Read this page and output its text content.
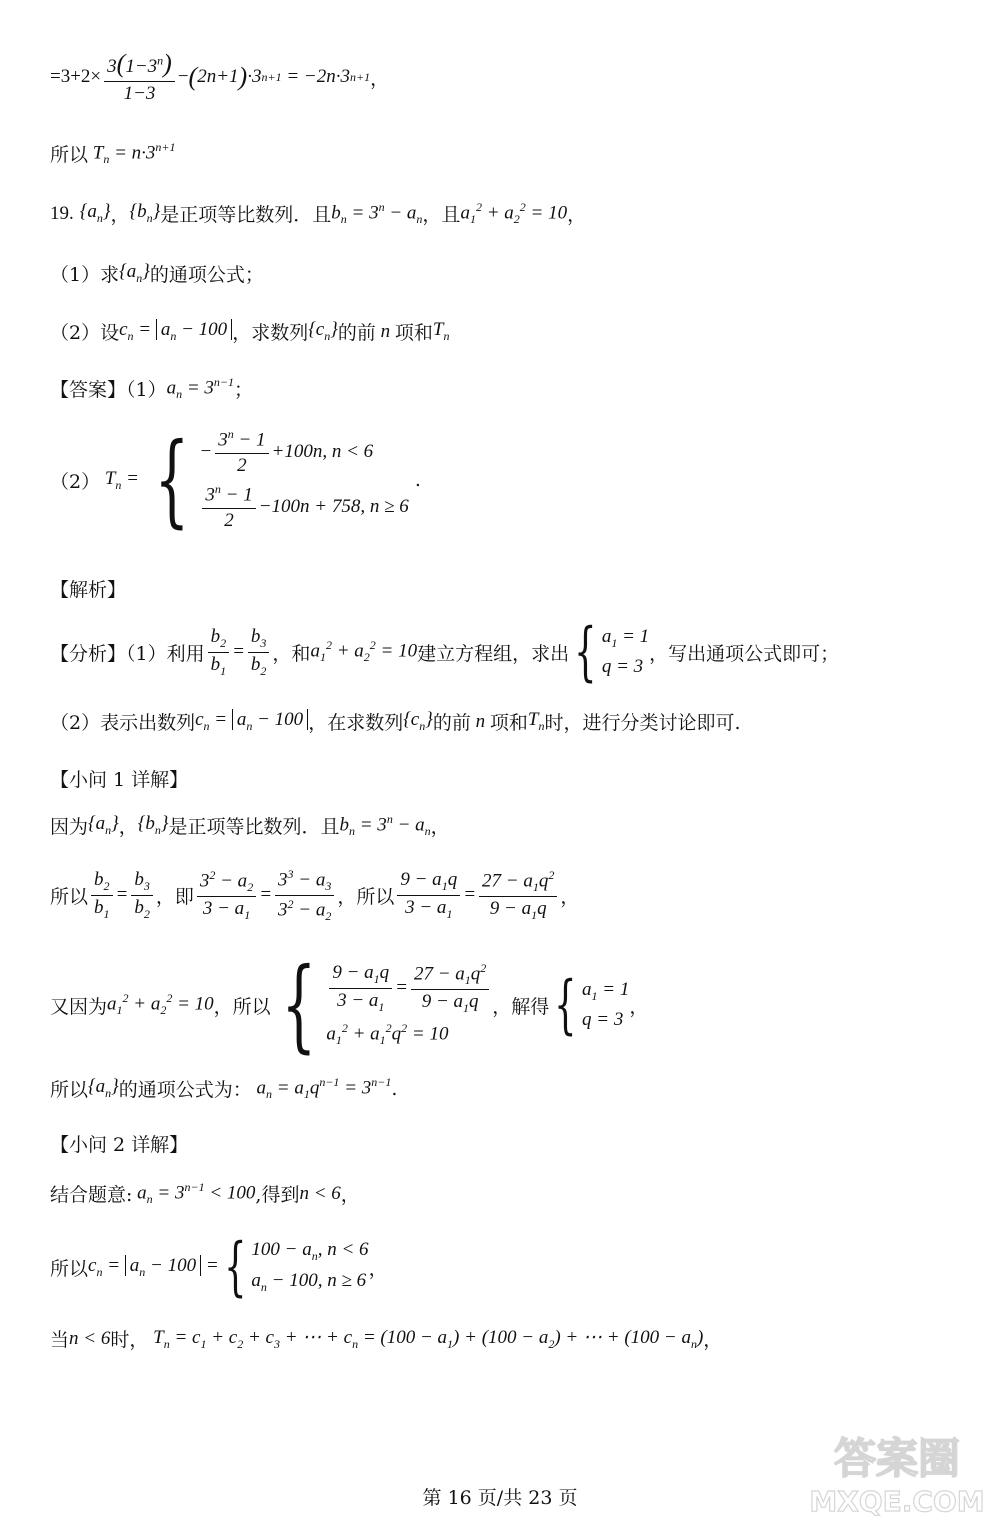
$=3+2\times \frac{3(1-3^n)}{1-3}$ − ( 2n+1 ) ·3 n+1 = −2n·3 n+1 ，
所以 $T_n = n\cdot 3^{n+1}$
19.
$\{a_n\}$ ， $\{b_n\}$ 是正项等比数列．且 $b_n = 3^n - a_n$ ，且 $a_1^2 + a_2^2 = 10$ ，
（1）求 $\{a_n\}$ 的通项公式；
（2）设 $c_n = a_n - 100$ ，求数列 $\{c_n\}$ 的前 n 项和 $T_n$
【答案】（1） $a_n = 3^{n-1}$ ；
（2） $T_n$ = { − $\frac{3^n - 1}{2} +100n$, n < 6
$\frac{3^n - 1}{2} -100n + 758$, n ≥ 6
.
【解析】
【分析】（1）利用 $\frac{b_2}{b_1} = \frac{b_3}{b_2}$ ，和 $a_1^2 + a_2^2 = 10$ 建立方程组，求出 { $a_1 = 1$
q = 3
，写出通项公式即可；
（2）表示出数列 $c_n = a_n - 100$ ，在求数列 $\{c_n\}$ 的前 n 项和 $T_n$ 时，进行分类讨论即可.
【小问 1 详解】
因为 $\{a_n\}$ ， $\{b_n\}$ 是正项等比数列．且 $b_n = 3^n - a_n$ ，
所以 $\frac{b_2}{b_1} = \frac{b_3}{b_2}$ ，即 $\frac{3^2 - a_2}{3 - a_1} = \frac{3^3 - a_3}{3^2 - a_2}$ ，所以 $\frac{9 - a_1q}{3 - a_1} = \frac{27 - a_1q^2}{9 - a_1q}$ ，
又因为 $a_1^2 + a_2^2 = 10$ ，所以 { $\frac{9 - a_1q}{3 - a_1} = \frac{27 - a_1q^2}{9 - a_1q}$
$a_1^2 + a_1^2q^2 = 10$
，解得 { $a_1 = 1$
q = 3
，
所以 $\{a_n\}$ 的通项公式为： $a_n = a_1q^{n-1} = 3^{n-1}$ .
【小问 2 详解】
结合题意: $a_n = 3^{n-1} < 100$ ,得到 n < 6 ，
所以 $c_n = a_n - 100$ = { $100 - a_n$, n < 6
$a_n - 100$, n ≥ 6
，
当 n < 6 时， $T_n = c_1 + c_2 + c_3$ + ⋯ + $c_n = (100 - a_1) + (100 - a_2)$ + ⋯ + $(100 - a_n)$ ，
第 16 页/共 23 页
答案圈
MXQE.COM
